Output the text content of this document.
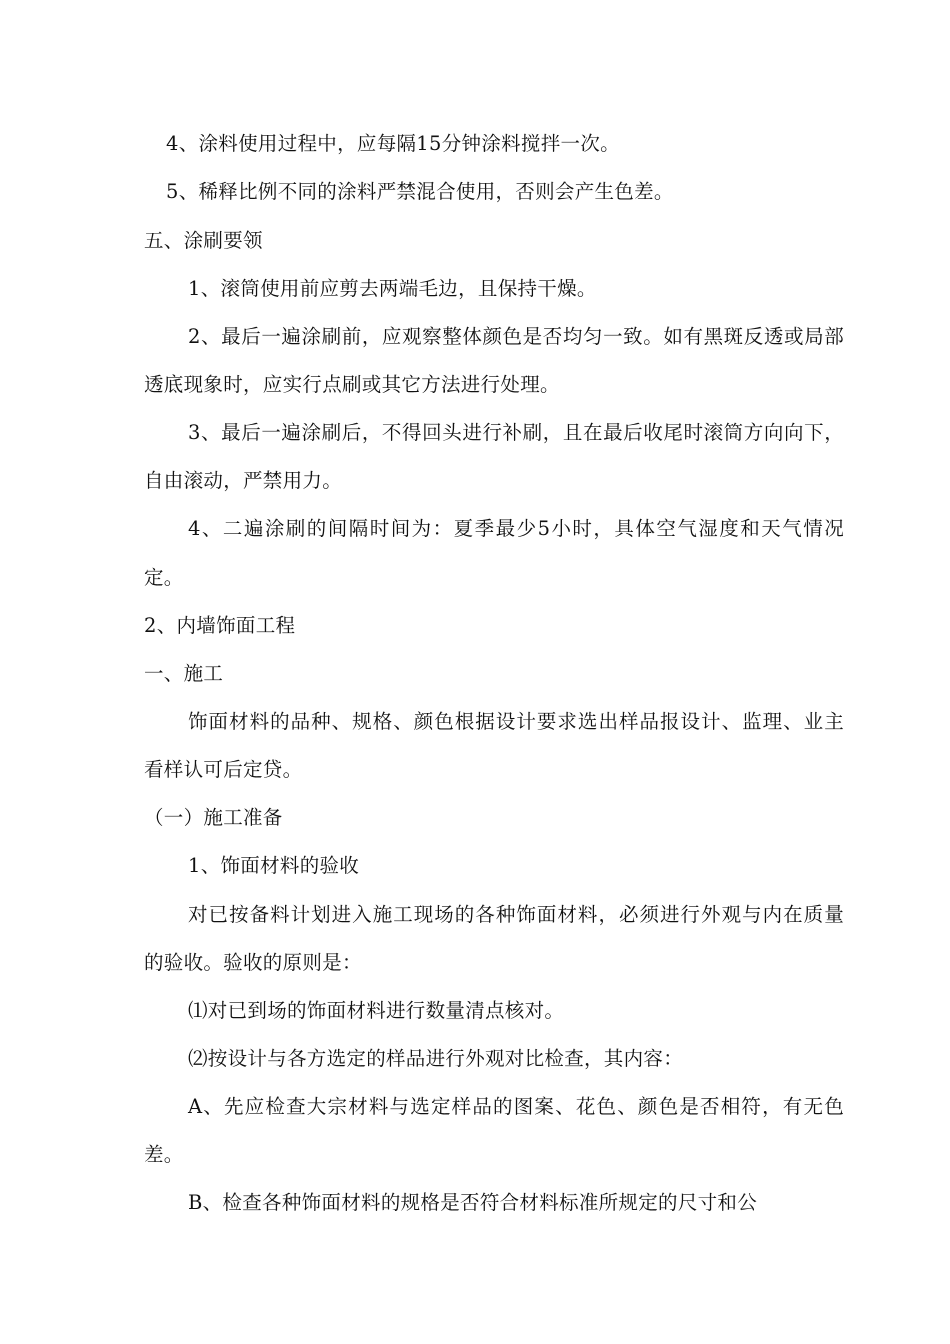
4、涂料使用过程中，应每隔15分钟涂料搅拌一次。
5、稀释比例不同的涂料严禁混合使用，否则会产生色差。
五、涂刷要领
1、滚筒使用前应剪去两端毛边，且保持干燥。
2、最后一遍涂刷前，应观察整体颜色是否均匀一致。如有黑斑反透或局部
透底现象时，应实行点刷或其它方法进行处理。
3、最后一遍涂刷后，不得回头进行补刷，且在最后收尾时滚筒方向向下，
自由滚动，严禁用力。
4、二遍涂刷的间隔时间为：夏季最少5小时，具体空气湿度和天气情况
定。
2、内墙饰面工程
一、施工
饰面材料的品种、规格、颜色根据设计要求选出样品报设计、监理、业主
看样认可后定贷。
（一）施工准备
1、饰面材料的验收
对已按备料计划进入施工现场的各种饰面材料，必须进行外观与内在质量
的验收。验收的原则是：
⑴对已到场的饰面材料进行数量清点核对。
⑵按设计与各方选定的样品进行外观对比检查，其内容：
A、先应检查大宗材料与选定样品的图案、花色、颜色是否相符，有无色
差。
B、检查各种饰面材料的规格是否符合材料标准所规定的尺寸和公
